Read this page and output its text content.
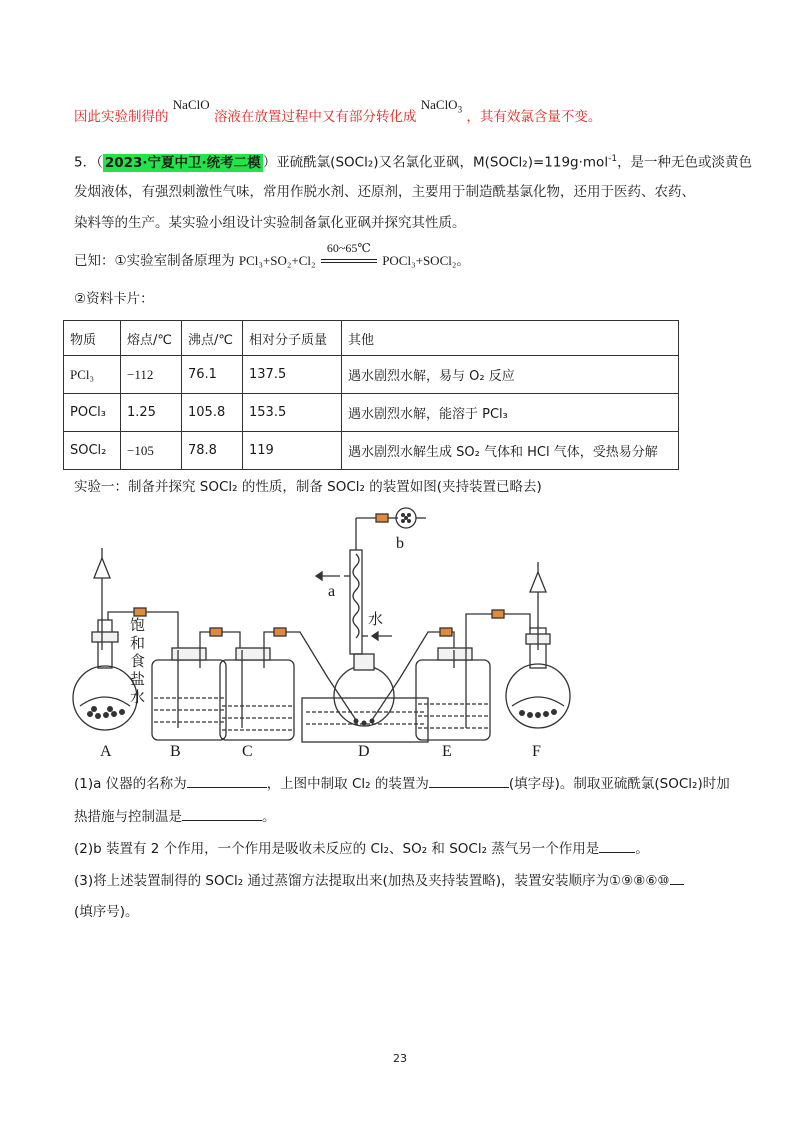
因此实验制得的 NaClO 溶液在放置过程中又有部分转化成 NaClO$_3$ ，其有效氯含量不变。
5．（ 2023·宁夏中卫·统考二模 ）亚硫酰氯(SOCl₂)又名氯化亚砜，M(SOCl₂)=119g·mol$^{-1}$，是一种无色或淡黄色
发烟液体，有强烈刺激性气味，常用作脱水剂、还原剂，主要用于制造酰基氯化物，还用于医药、农药、
染料等的生产。某实验小组设计实验制备氯化亚砜并探究其性质。
已知：①实验室制备原理为 PCl₃+SO₂+Cl₂
60~65℃
POCl₃+SOCl₂。
②资料卡片：
物质	熔点/℃	沸点/℃	相对分子质量	其他
PCl₃	−112	76.1	137.5	遇水剧烈水解，易与 O₂ 反应
POCl₃	1.25	105.8	153.5	遇水剧烈水解，能溶于 PCl₃
SOCl₂	−105	78.8	119	遇水剧烈水解生成 SO₂ 气体和 HCl 气体，受热易分解
实验一：制备并探究 SOCl₂ 的性质，制备 SOCl₂ 的装置如图(夹持装置已略去)
A	B	C	D	E	F
a
b
水
饱
和
食
盐
水
(1)a 仪器的名称为	，上图中制取 Cl₂ 的装置为	(填字母)。制取亚硫酰氯(SOCl₂)时加
热措施与控制温是	。
(2)b 装置有 2 个作用，一个作用是吸收未反应的 Cl₂、SO₂ 和 SOCl₂ 蒸气另一个作用是	。
(3)将上述装置制得的 SOCl₂ 通过蒸馏方法提取出来(加热及夹持装置略)，装置安装顺序为①⑨⑧⑥⑩
(填序号)。
23
